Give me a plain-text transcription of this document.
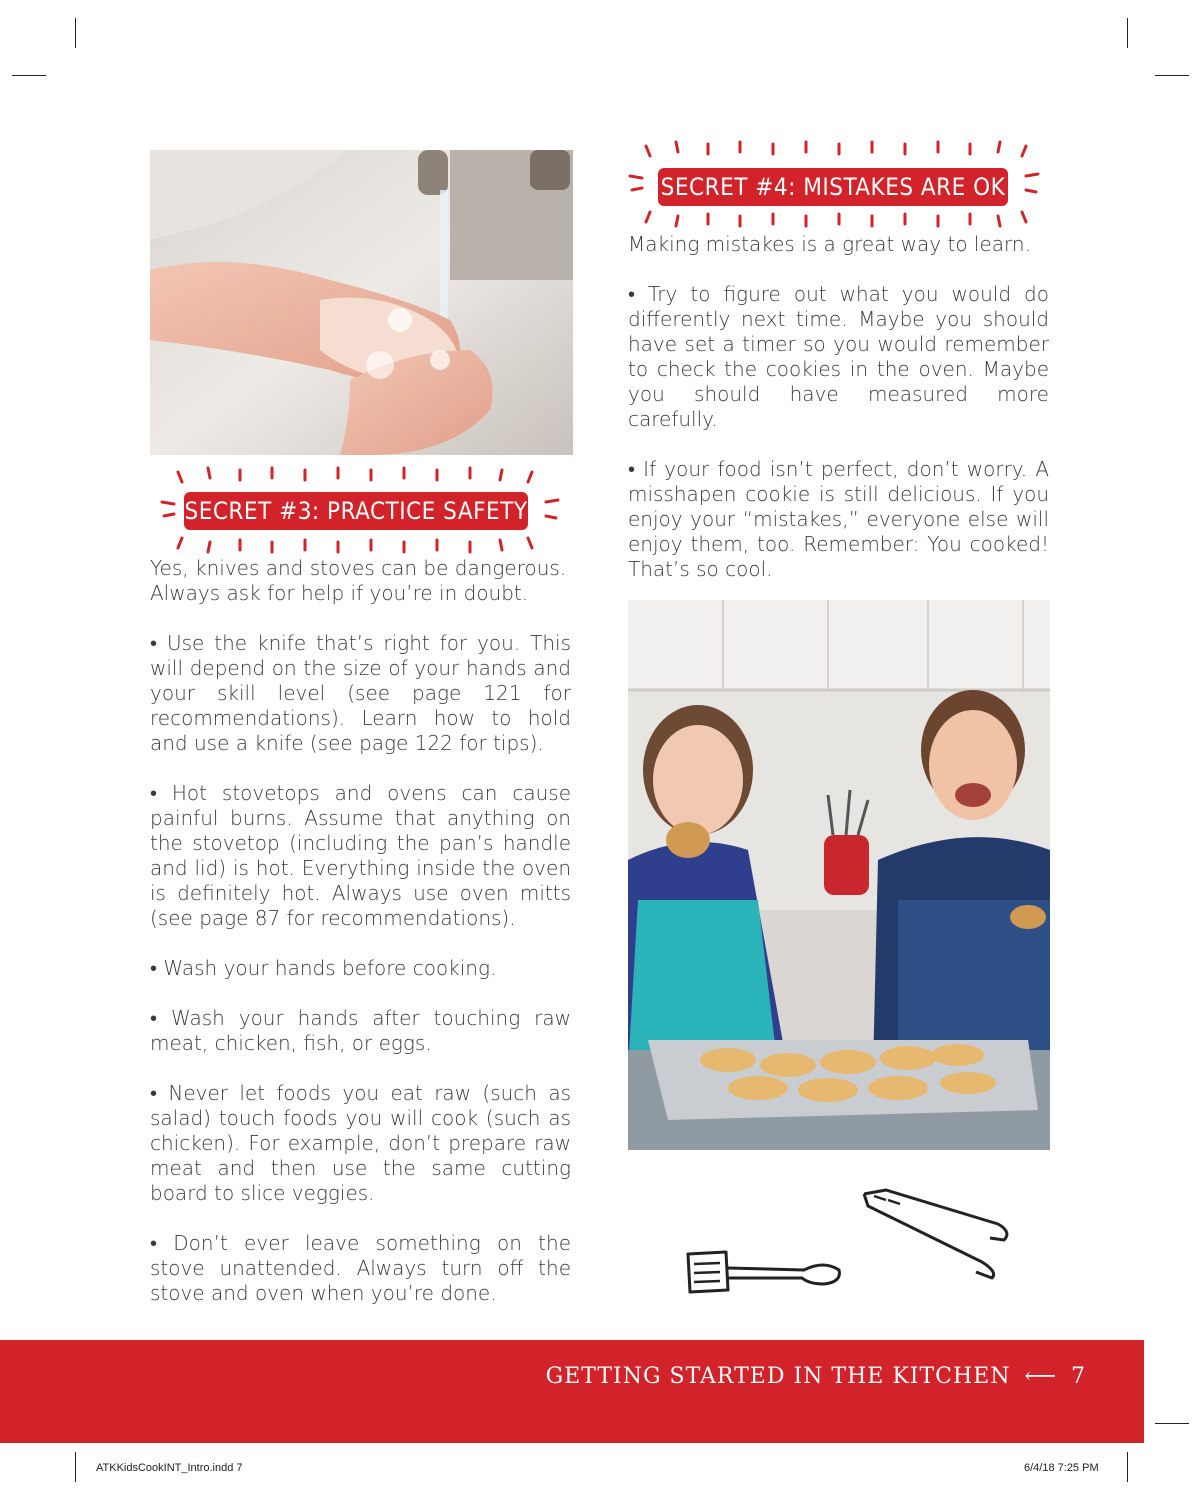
SECRET #3: PRACTICE SAFETY

Yes, knives and stoves can be dangerous. Always ask for help if you’re in doubt.

• Use the knife that’s right for you. This will depend on the size of your hands and your skill level (see page 121 for recommendations). Learn how to hold and use a knife (see page 122 for tips).

• Hot stovetops and ovens can cause painful burns. Assume that anything on the stovetop (including the pan’s handle and lid) is hot. Everything inside the oven is definitely hot. Always use oven mitts (see page 87 for recommendations).

• Wash your hands before cooking.

• Wash your hands after touching raw meat, chicken, fish, or eggs.

• Never let foods you eat raw (such as salad) touch foods you will cook (such as chicken). For example, don’t prepare raw meat and then use the same cutting board to slice veggies.

• Don’t ever leave something on the stove unattended. Always turn off the stove and oven when you’re done.

SECRET #4: MISTAKES ARE OK

Making mistakes is a great way to learn.

• Try to figure out what you would do differently next time. Maybe you should have set a timer so you would remember to check the cookies in the oven. Maybe you should have measured more carefully.

• If your food isn’t perfect, don’t worry. A misshapen cookie is still delicious. If you enjoy your “mistakes,” everyone else will enjoy them, too. Remember: You cooked! That’s so cool.

GETTING STARTED IN THE KITCHEN ⟵ 7
ATKKidsCookINT_Intro.indd 7	6/4/18 7:25 PM
